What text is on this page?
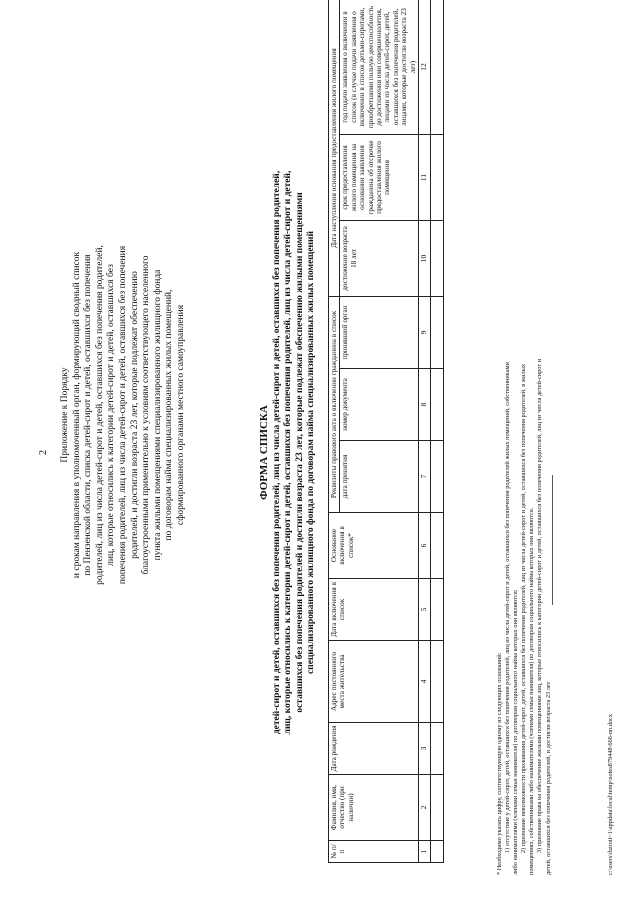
2 Приложение к Порядку и срокам направления в уполномоченный орган, формирующий сводный список по Пензенской области, списка детей-сирот и детей, оставшихся без попечения родителей, лиц из числа детей-сирот и детей, оставшихся без попечения родителей, лиц, которые относились к категории детей-сирот и детей, оставшихся без попечения родителей, лиц из числа детей-сирот и детей, оставшихся без попечения родителей, и достигли возраста 23 лет, которые подлежат обеспечению благоустроенными применительно к условиям соответствующего населенного пункта жилыми помещениями специализированного жилищного фонда по договорам найма специализированных жилых помещений, сформированного органами местного самоуправления	ФОРМА СПИСКА детей-сирот и детей, оставшихся без попечения родителей, лиц из числа детей-сирот и детей, оставшихся без попечения родителей, лиц, которые относились к категории детей-сирот и детей, оставшихся без попечения родителей, лиц из числа детей-сирот и детей, оставшихся без попечения родителей и достигли возраста 23 лет, которые подлежат обеспечению жилыми помещениями специализированного жилищного фонда по договорам найма специализированных жилых помещений
№ п/п	Фамилия, имя, отчество (при наличии)	Дата рождения	Адрес постоянного места жительства	Дата включения в список	Основание включения в список*	Реквизиты правового акта о включении гражданина в список			Дата наступления основания предоставления жилого помещения		
						дата принятия	номер документа	принявший орган	достижение возраста 18 лет	срок предоставления жилого помещения на основании заявления гражданина об отсрочке предоставления жилого помещения	год подачи заявления о включении в список (в случае подачи заявления о включении в список детьми-сиротами, приобретшими полную дееспособность до достижения ими совершеннолетия, лицами из числа детей-сирот, детей, оставшихся без попечения родителей, лицами, которые достигли возраста 23 лет)
1	2	3	4	5	6	7	8	9	10	11	12

* Необходимо указать цифру, соответствующую одному из следующих оснований: 1) отсутствие у детей-сирот, детей, оставшихся без попечения родителей, лиц из числа детей-сирот и детей, оставшихся без попечения родителей жилых помещений, собственниками либо нанимателями (членами семьи нанимателя) по договорам социального найма которых они являются; 2) признание невозможности проживания детей-сирот, детей, оставшихся без попечения родителей, лиц из числа детей-сирот и детей, оставшихся без попечения родителей, в жилых помещениях, собственниками либо нанимателями (членами семьи нанимателя) по договорам социального найма которых они являются. 3) признание права на обеспечение жилыми помещениями лиц, которые относились к категории детей-сирот и детей, оставшихся без попечения родителей, лиц из числа детей-сирот и детей, оставшихся без попечения родителей, и достигли возраста 23 лет	c:\users\ibzroit~1\appdata\local\temp\notes879448\666-nn.docx
